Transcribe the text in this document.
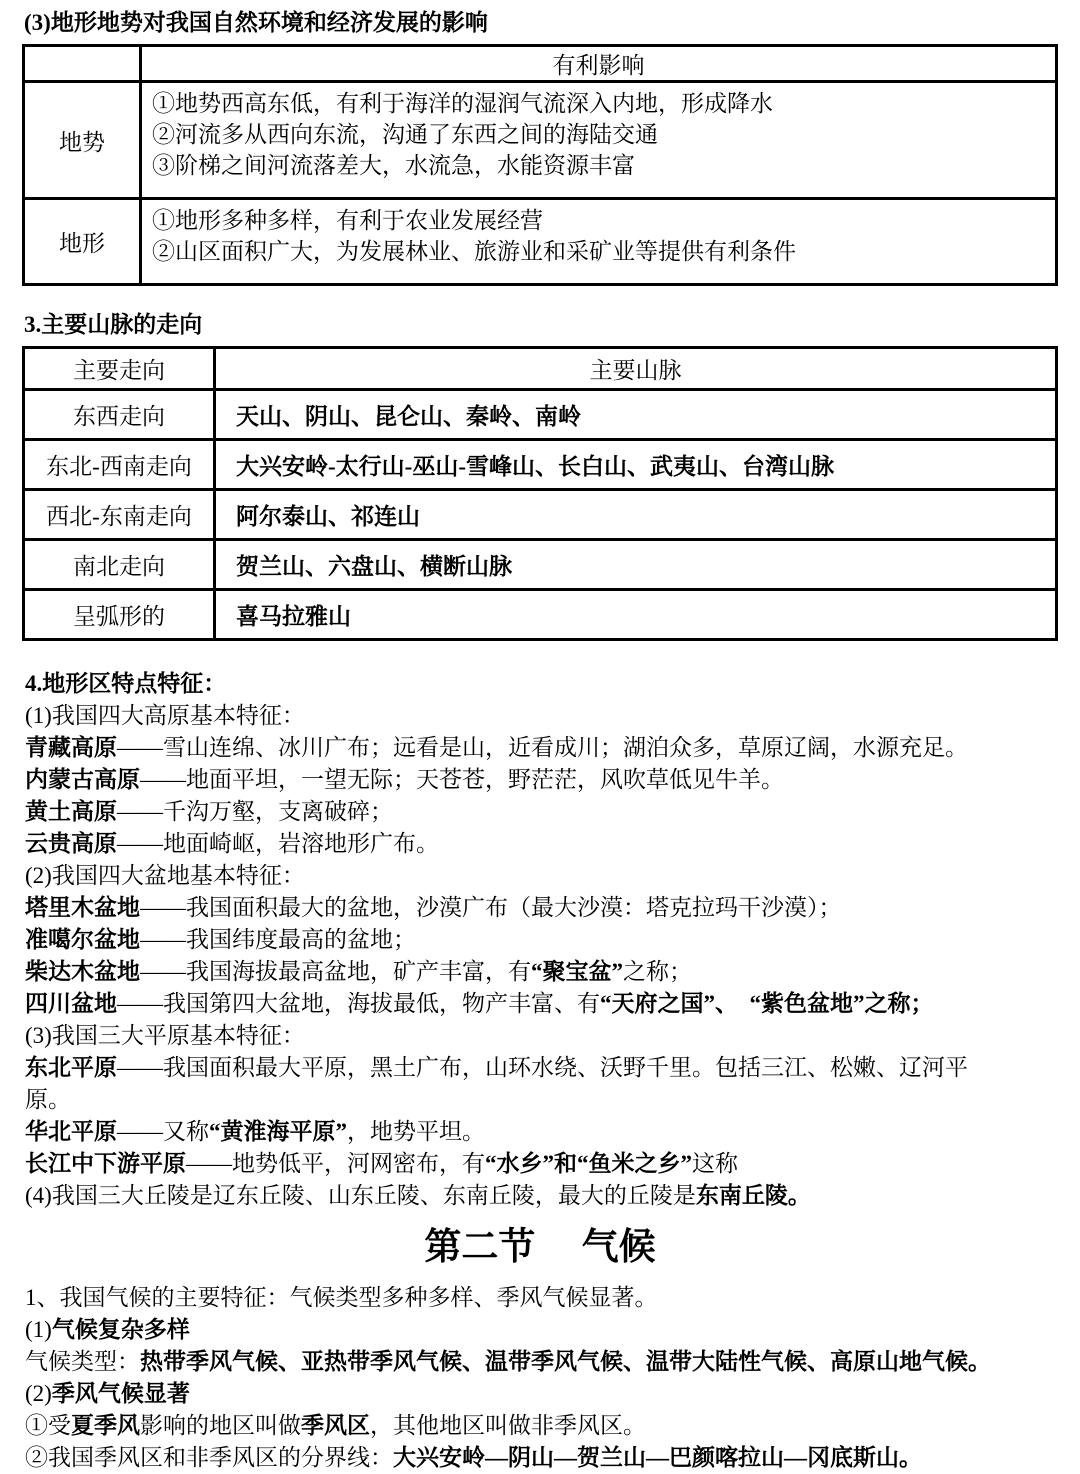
(3)地形地势对我国自然环境和经济发展的影响
	有利影响
地势	①地势西高东低，有利于海洋的湿润气流深入内地，形成降水
②河流多从西向东流，沟通了东西之间的海陆交通
③阶梯之间河流落差大，水流急，水能资源丰富

地形	①地形多种多样，有利于农业发展经营
②山区面积广大，为发展林业、旅游业和采矿业等提供有利条件
3.主要山脉的走向
主要走向	主要山脉
东西走向	天山、阴山、昆仑山、秦岭、南岭
东北-西南走向	大兴安岭-太行山-巫山-雪峰山、长白山、武夷山、台湾山脉
西北-东南走向	阿尔泰山、祁连山
南北走向	贺兰山、六盘山、横断山脉
呈弧形的	喜马拉雅山
4.地形区特点特征：
(1)我国四大高原基本特征：
青藏高原——雪山连绵、冰川广布；远看是山，近看成川；湖泊众多，草原辽阔，水源充足。
内蒙古高原——地面平坦，一望无际；天苍苍，野茫茫，风吹草低见牛羊。
黄土高原——千沟万壑，支离破碎；
云贵高原——地面崎岖，岩溶地形广布。
(2)我国四大盆地基本特征：
塔里木盆地——我国面积最大的盆地，沙漠广布（最大沙漠：塔克拉玛干沙漠）；
准噶尔盆地——我国纬度最高的盆地；
柴达木盆地——我国海拔最高盆地，矿产丰富，有“聚宝盆”之称；
四川盆地——我国第四大盆地，海拔最低，物产丰富、有“天府之国”、　“紫色盆地”之称；
(3)我国三大平原基本特征：
东北平原——我国面积最大平原，黑土广布，山环水绕、沃野千里。包括三江、松嫩、辽河平
原。
华北平原——又称“黄淮海平原”，地势平坦。
长江中下游平原——地势低平，河网密布，有“水乡”和“鱼米之乡”这称
(4)我国三大丘陵是辽东丘陵、山东丘陵、东南丘陵，最大的丘陵是东南丘陵。
第二节　 气候
1、我国气候的主要特征：气候类型多种多样、季风气候显著。
(1)气候复杂多样
气候类型：热带季风气候、亚热带季风气候、温带季风气候、温带大陆性气候、高原山地气候。
(2)季风气候显著
①受夏季风影响的地区叫做季风区，其他地区叫做非季风区。
②我国季风区和非季风区的分界线：大兴安岭—阴山—贺兰山—巴颜喀拉山—冈底斯山。
